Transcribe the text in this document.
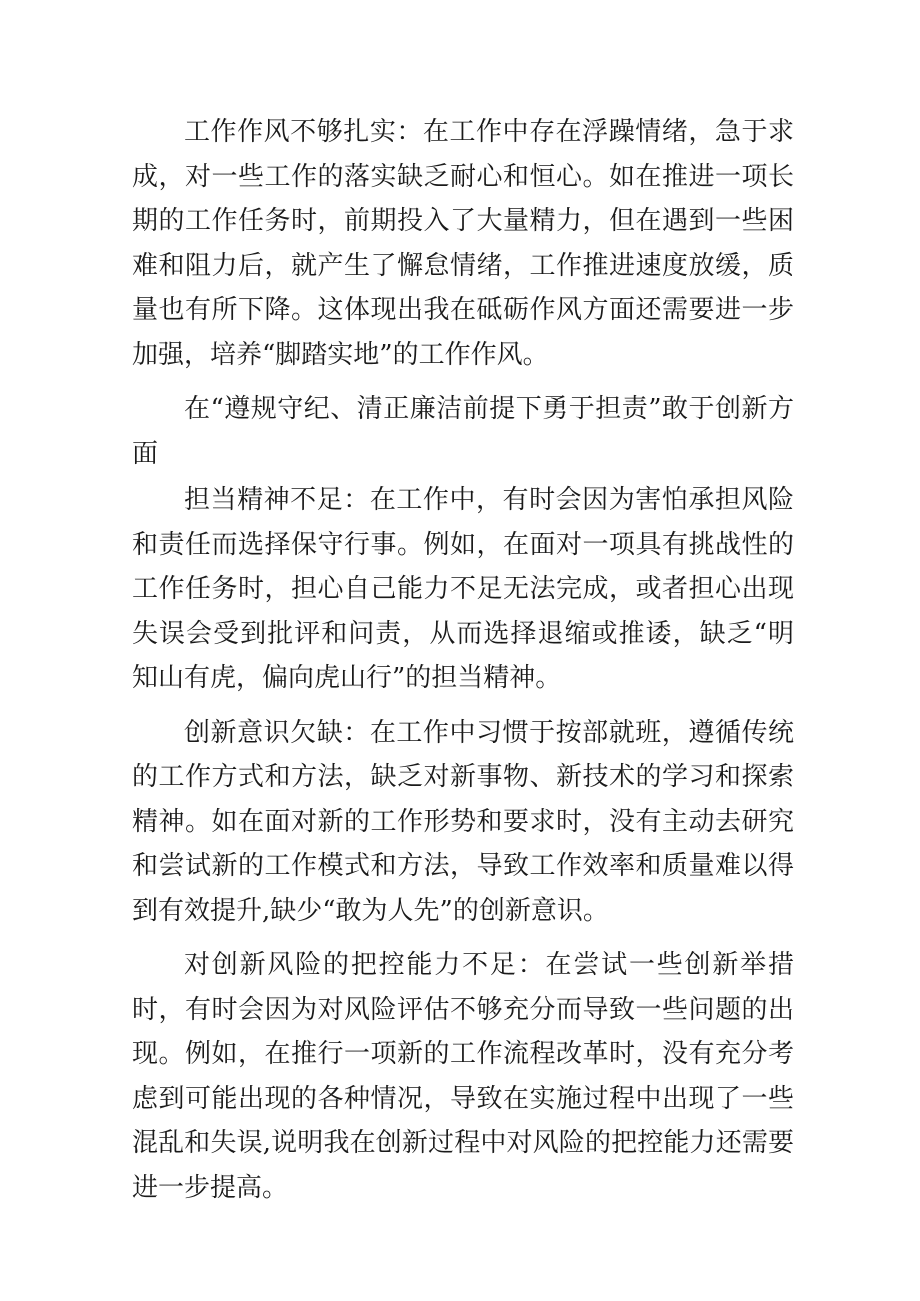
工作作风不够扎实：在工作中存在浮躁情绪，急于求成，对一些工作的落实缺乏耐心和恒心。如在推进一项长期的工作任务时，前期投入了大量精力，但在遇到一些困难和阻力后，就产生了懈怠情绪，工作推进速度放缓，质量也有所下降。这体现出我在砥砺作风方面还需要进一步加强，培养“脚踏实地”的工作作风。

在“遵规守纪、清正廉洁前提下勇于担责”敢于创新方面

担当精神不足：在工作中，有时会因为害怕承担风险和责任而选择保守行事。例如，在面对一项具有挑战性的工作任务时，担心自己能力不足无法完成，或者担心出现失误会受到批评和问责，从而选择退缩或推诿，缺乏“明知山有虎，偏向虎山行”的担当精神。

创新意识欠缺：在工作中习惯于按部就班，遵循传统的工作方式和方法，缺乏对新事物、新技术的学习和探索精神。如在面对新的工作形势和要求时，没有主动去研究和尝试新的工作模式和方法，导致工作效率和质量难以得到有效提升,缺少“敢为人先”的创新意识。

对创新风险的把控能力不足：在尝试一些创新举措时，有时会因为对风险评估不够充分而导致一些问题的出现。例如，在推行一项新的工作流程改革时，没有充分考虑到可能出现的各种情况，导致在实施过程中出现了一些混乱和失误,说明我在创新过程中对风险的把控能力还需要进一步提高。
